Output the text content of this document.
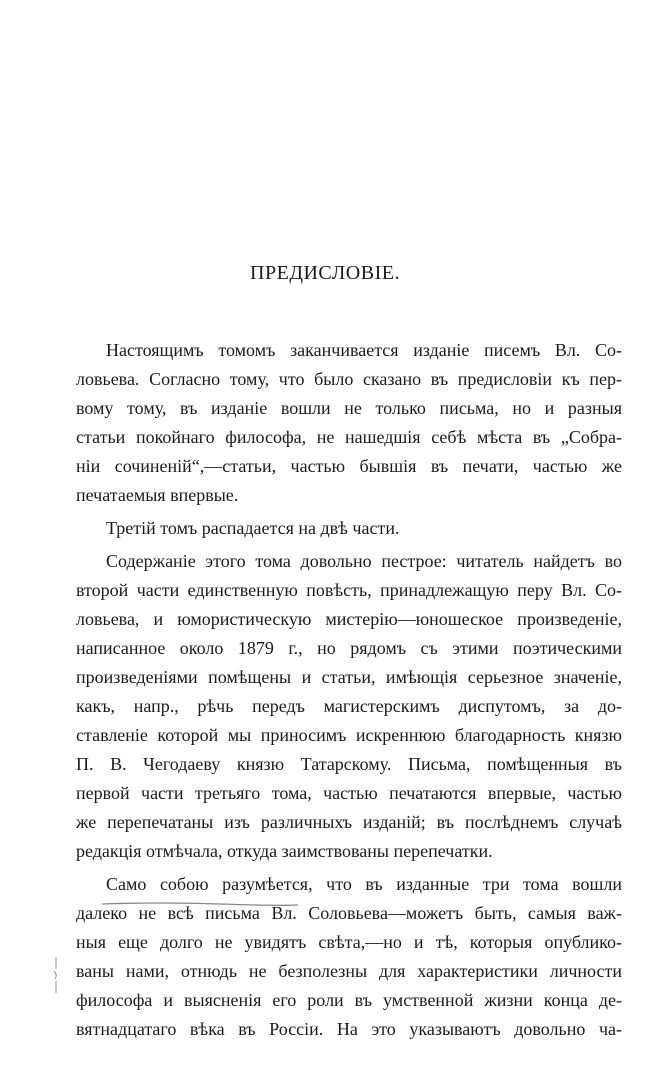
ПРЕДИСЛОВІЕ.
Настоящимъ томомъ заканчивается изданіе писемъ Вл. Со-
ловьева. Согласно тому, что было сказано въ предисловіи къ пер-
вому тому, въ изданіе вошли не только письма, но и разныя
статьи покойнаго философа, не нашедшія себѣ мѣста въ „Собра-
ніи сочиненій“,—статьи, частью бывшія въ печати, частью же
печатаемыя впервые.
Третій томъ распадается на двѣ части.
Содержаніе этого тома довольно пестрое: читатель найдетъ во
второй части единственную повѣсть, принадлежащую перу Вл. Со-
ловьева, и юмористическую мистерію—юношеское произведеніе,
написанное около 1879 г., но рядомъ съ этими поэтическими
произведеніями помѣщены и статьи, имѣющія серьезное значеніе,
какъ, напр., рѣчь передъ магистерскимъ диспутомъ, за до-
ставленіе которой мы приносимъ искреннюю благодарность князю
П. В. Чегодаеву князю Татарскому. Письма, помѣщенныя въ
первой части третьяго тома, частью печатаются впервые, частью
же перепечатаны изъ различныхъ изданій; въ послѣднемъ случаѣ
редакція отмѣчала, откуда заимствованы перепечатки.
Само собою разумѣется, что въ изданные три тома вошли
далеко не всѣ письма Вл. Соловьева—можетъ быть, самыя важ-
ныя еще долго не увидятъ свѣта,—но и тѣ, которыя опублико-
ваны нами, отнюдь не безполезны для характеристики личности
философа и выясненія его роли въ умственной жизни конца де-
вятнадцатаго вѣка въ Россіи. На это указываютъ довольно ча-
